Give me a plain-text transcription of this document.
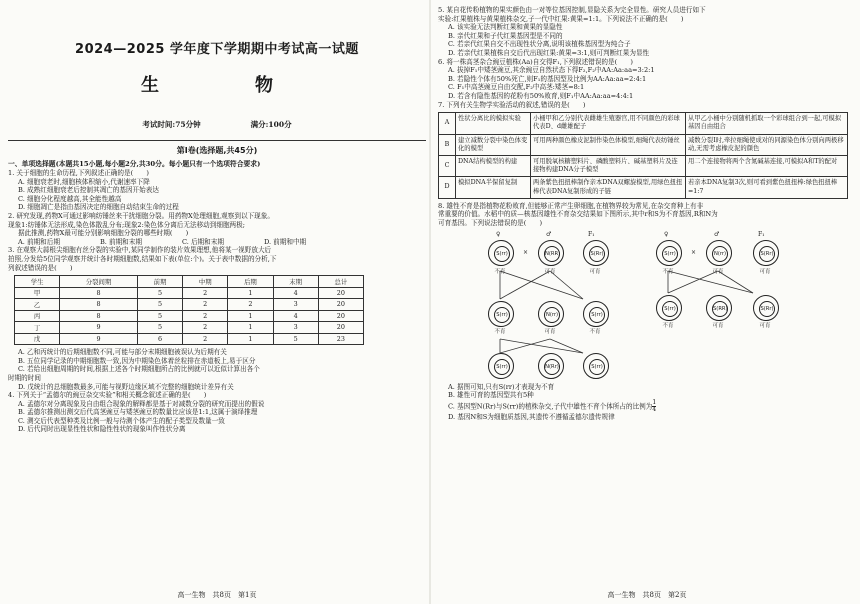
2024—2025 学年度下学期期中考试高一试题
生　　物
考试时间:75分钟	满分:100分
第Ⅰ卷(选择题,共45分)

一、单项选择题(本题共15小题,每小题2分,共30分。每小题只有一个选项符合要求)

1. 关于细胞的生命历程,下列叙述正确的是(　　)

A. 细胞衰老时,细胞核体积缩小,代谢速率下降

B. 成熟红细胞衰老后控制其凋亡的基因开始表达

C. 细胞分化程度越高,其全能性越高

D. 细胞凋亡是指由基因决定的细胞自动结束生命的过程

2. 研究发现,药物X可通过影响纺锤丝来干扰细胞分裂。用药物X处理细胞,观察到以下现象。

现象1:纺锤体无法形成,染色体散乱分布;现象2:染色体分离后无法移动到细胞两极;

据此推测,药物X最可能分别影响细胞分裂的哪些时期(　　)

A. 前期和后期	B. 前期和末期	C. 后期和末期	D. 前期和中期

3. 在观察大蒜根尖细胞有丝分裂的实验中,某同学制作的装片效果理想,他将某一视野放大后

拍照,分发给5位同学观察并统计各时期细胞数,结果如下表(单位:个)。关于表中数据的分析,下

列叙述错误的是(　　)

学生	分裂间期	前期	中期	后期	末期	总计
甲	8	5	2	1	4	20
乙	8	5	2	2	3	20
丙	8	5	2	1	4	20
丁	9	5	2	1	3	20
戊	9	6	2	1	5	23

A. 乙和丙统计的后期细胞数不同,可能与部分末期细胞被误认为后期有关

B. 五位同学记录的中期细胞数一致,因为中期染色体着丝粒排在赤道板上,易于区分

C. 若给出细胞周期的时间,根据上述各个时期细胞所占的比例就可以近似计算出各个

时期的时间

D. 戊统计的总细胞数最多,可能与视野边缘区域不完整的细胞统计差异有关

4. 下列关于“孟德尔的豌豆杂交实验”和相关概念叙述正确的是(　　)

A. 孟德尔对分离现象及自由组合现象的解释都是基于对减数分裂的研究而提出的假说

B. 孟德尔推测出测交后代高茎豌豆与矮茎豌豆的数量比应该是1:1,这属于演绎推理

C. 测交后代表型种类及比例一般与待测个体产生的配子类型及数量一致

D. 后代同时出现显性性状和隐性性状的现象叫作性状分离

高一生物　共8页　第1页

5. 某自花传粉植物的果实颜色由一对等位基因控制,显隐关系为完全显性。研究人员进行如下

实验:红果植株与黄果植株杂交,子一代中红果:黄果=1:1。下列说法不正确的是(　　)

A. 该实验无法判断红果和黄果的显隐性

B. 亲代红果和子代红果基因型是不同的

C. 若亲代红果自交不出现性状分离,说明该植株基因型为纯合子

D. 若亲代红果植株自交后代出现红果:黄果=3:1,则可判断红果为显性

6. 将一株高茎杂合豌豆植株(Aa)自交得F₁,下列叙述错误的是(　　)

A. 拔掉F₁中矮茎豌豆,其余豌豆自然状态下得F₂,F₂中AA:Aa:aa=3:2:1

B. 若隐性个体有50%死亡,则F₁的基因型及比例为AA:Aa:aa=2:4:1

C. F₁中高茎豌豆自由交配,F₂中高茎:矮茎=8:1

D. 若含有隐性基因的花粉有50%败育,则F₁中AA:Aa:aa=4:4:1

7. 下列有关生物学实验活动的叙述,错误的是(　　)

A	性状分离比的模拟实验	小桶甲和乙分别代表雌雄生殖器官,用不同颜色的彩球代表D、d雌雄配子	从甲乙小桶中分别随机抓取一个彩球组合到一起,可模拟基因自由组合
B	建立减数分裂中染色体变化的模型	可用两种颜色橡皮泥制作染色体模型,细绳代表纺锤丝	减数分裂Ⅰ时,牵拉细绳使成对的同源染色体分别向两极移动,无需考虑橡皮泥的颜色
C	DNA结构模型的构建	可用脱氧核糖塑料片、磷酸塑料片、碱基塑料片及连接物构建DNA分子模型	用二个连接物将两个含氮碱基连接,可模拟A和T的配对
D	模拟DNA半保留复制	两条紫色扭扭棒制作亲本DNA双螺旋模型,用绿色扭扭棒代表DNA复制形成的子链	若亲本DNA复制3次,则可看到紫色扭扭棒:绿色扭扭棒=1:7

8. 雄性不育是指植物花粉败育,但能够正常产生卵细胞,在植物界较为常见,在杂交育种上有非

常重要的价值。水稻中的质—核基因雄性不育杂交结果如下图所示,其中r和S为不育基因,R和N为

可育基因。下列说法错误的是(　　)

♀	♂	F₁
×
♀	♂	F₁
×
S(rr)	N(RR)	S(Rr)
不育	可育	可育
S(rr)	N(rr)	S(rr)
不育	可育	不育
S(rr)	N(Rr)	S(rr)
S(rr)	N(rr)	S(Rr)
不育	可育	可育
S(rr)	S(RR)	S(Rr)
不育	可育	可育

A. 据图可知,只有S(rr)才表现为不育

B. 雄性可育的基因型共有5种

C. 基因型N(Rr)与S(rr)的植株杂交,子代中雄性不育个体所占的比例为 $\frac{1}{4}$

D. 基因N和S为细胞质基因,其遗传不遵循孟德尔遗传规律

高一生物　共8页　第2页
